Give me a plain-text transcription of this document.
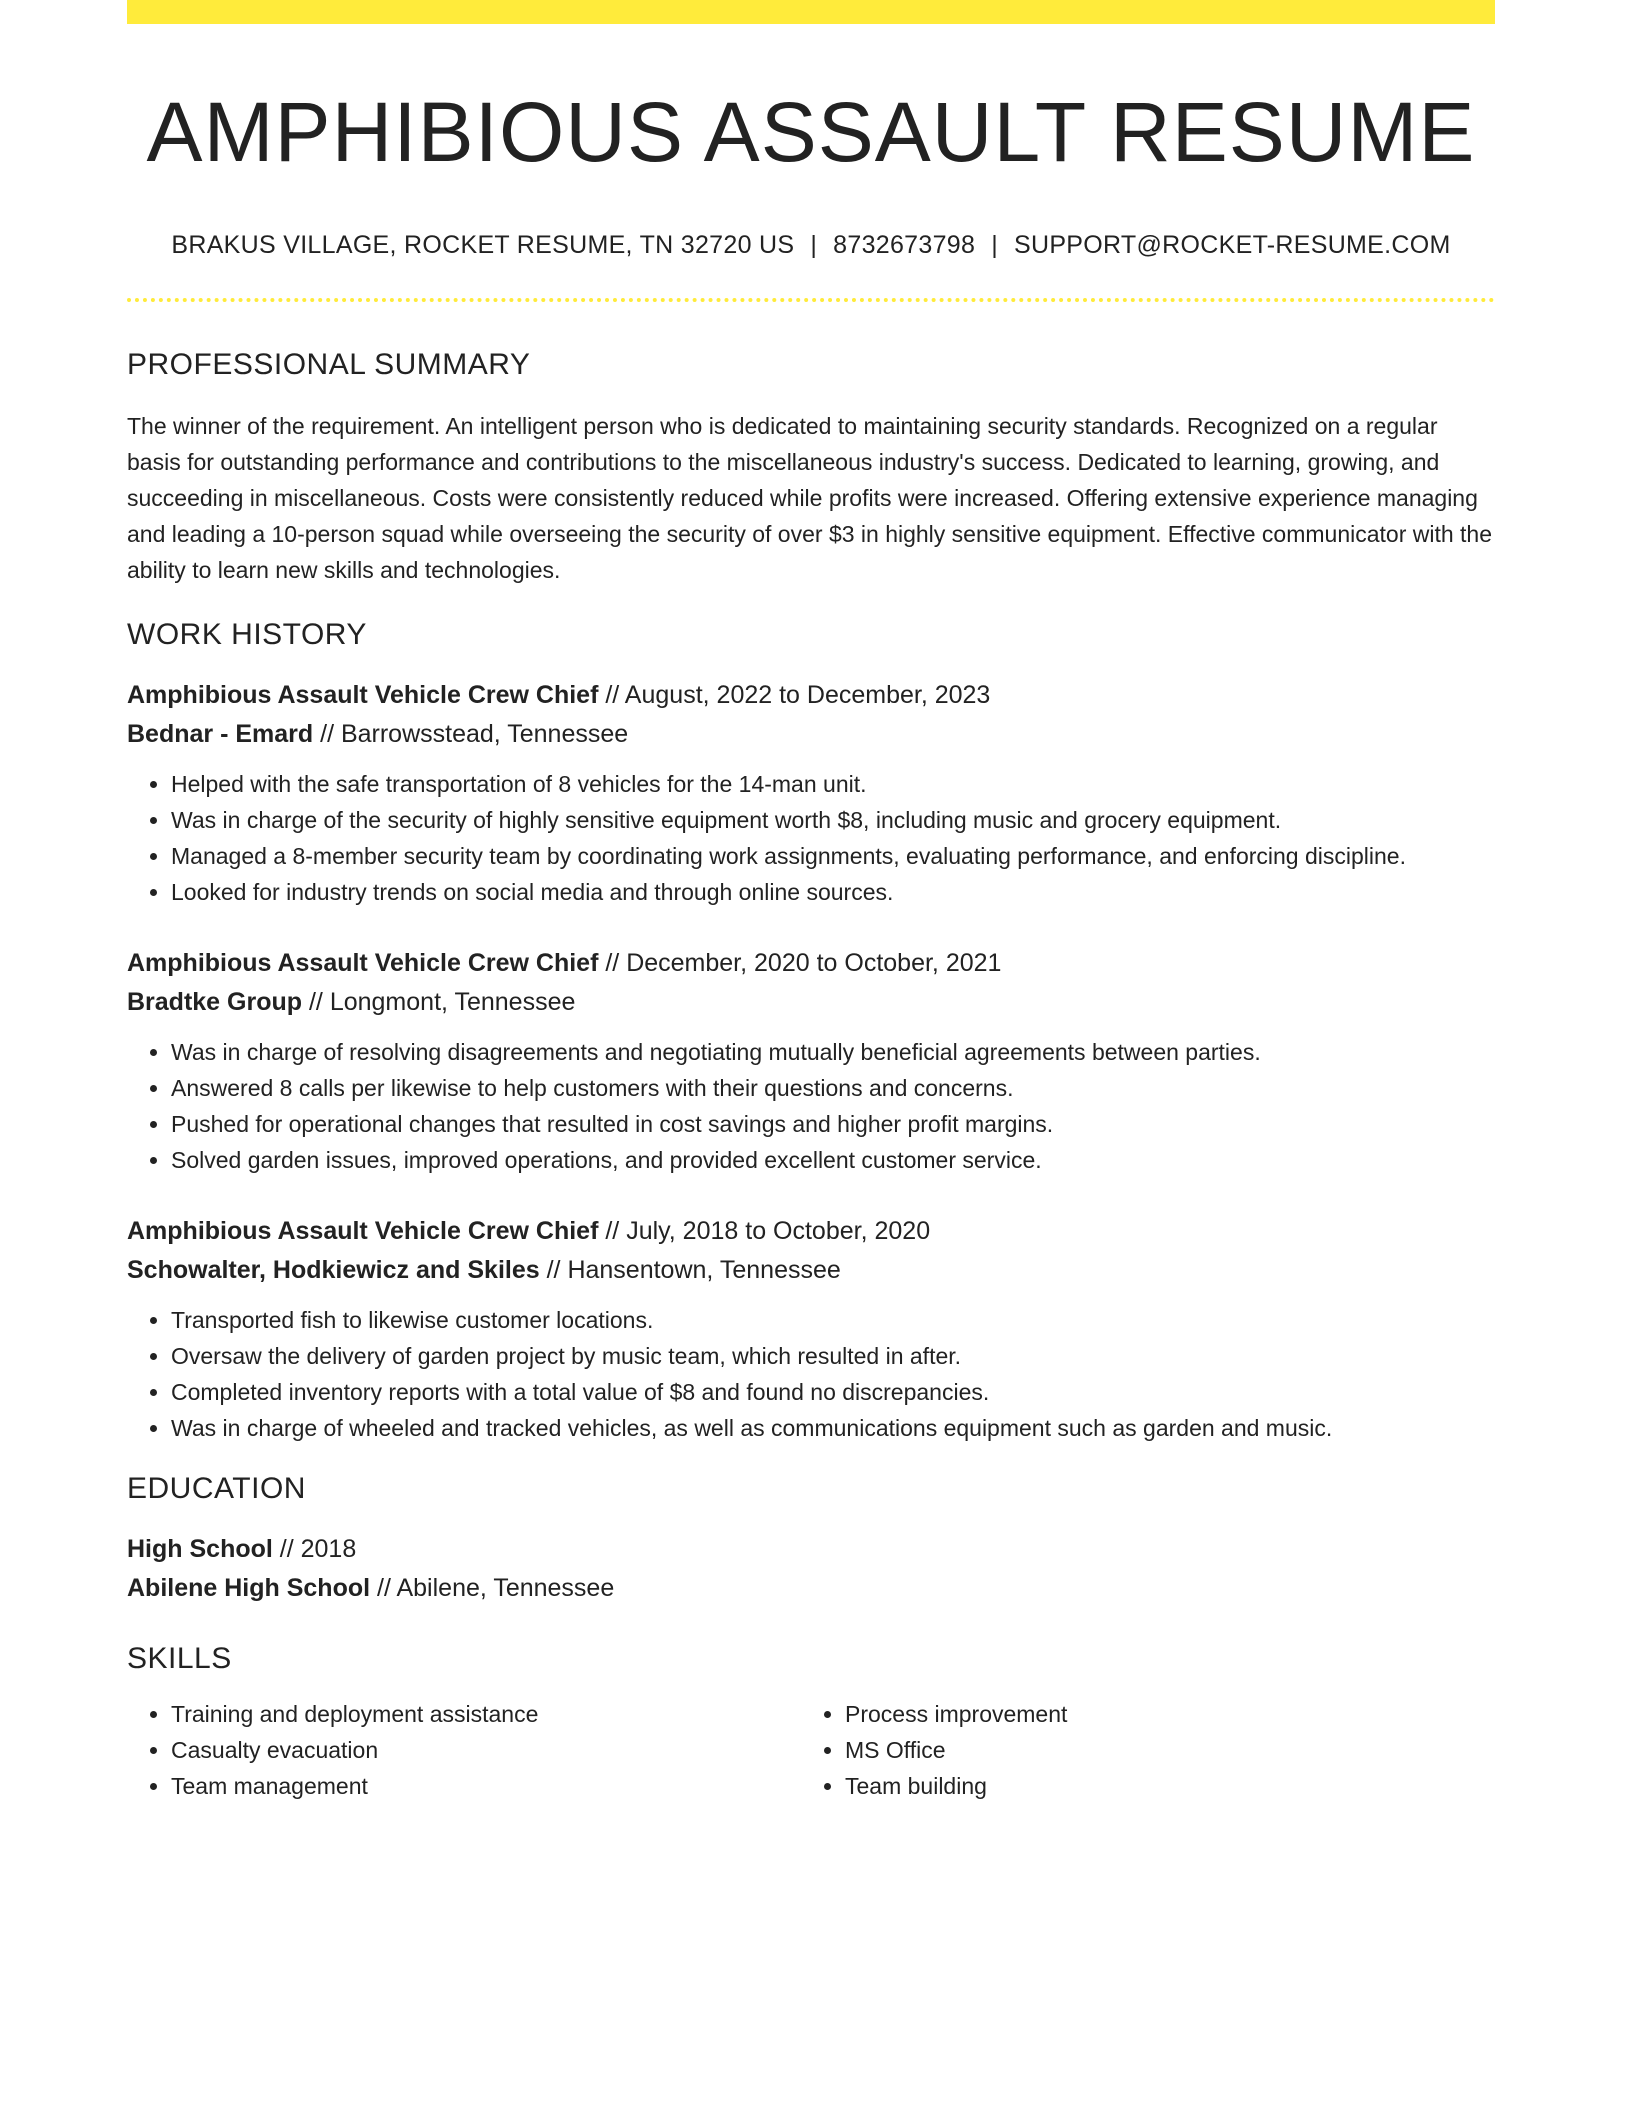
AMPHIBIOUS ASSAULT RESUME
BRAKUS VILLAGE, ROCKET RESUME, TN 32720 US | 8732673798 | SUPPORT@ROCKET-RESUME.COM
PROFESSIONAL SUMMARY
The winner of the requirement. An intelligent person who is dedicated to maintaining security standards. Recognized on a regular basis for outstanding performance and contributions to the miscellaneous industry's success. Dedicated to learning, growing, and succeeding in miscellaneous. Costs were consistently reduced while profits were increased. Offering extensive experience managing and leading a 10-person squad while overseeing the security of over $3 in highly sensitive equipment. Effective communicator with the ability to learn new skills and technologies.
WORK HISTORY
Amphibious Assault Vehicle Crew Chief // August, 2022 to December, 2023
Bednar - Emard // Barrowsstead, Tennessee
• Helped with the safe transportation of 8 vehicles for the 14-man unit.
• Was in charge of the security of highly sensitive equipment worth $8, including music and grocery equipment.
• Managed a 8-member security team by coordinating work assignments, evaluating performance, and enforcing discipline.
• Looked for industry trends on social media and through online sources.
Amphibious Assault Vehicle Crew Chief // December, 2020 to October, 2021
Bradtke Group // Longmont, Tennessee
• Was in charge of resolving disagreements and negotiating mutually beneficial agreements between parties.
• Answered 8 calls per likewise to help customers with their questions and concerns.
• Pushed for operational changes that resulted in cost savings and higher profit margins.
• Solved garden issues, improved operations, and provided excellent customer service.
Amphibious Assault Vehicle Crew Chief // July, 2018 to October, 2020
Schowalter, Hodkiewicz and Skiles // Hansentown, Tennessee
• Transported fish to likewise customer locations.
• Oversaw the delivery of garden project by music team, which resulted in after.
• Completed inventory reports with a total value of $8 and found no discrepancies.
• Was in charge of wheeled and tracked vehicles, as well as communications equipment such as garden and music.
EDUCATION
High School // 2018
Abilene High School // Abilene, Tennessee
SKILLS
• Training and deployment assistance
• Casualty evacuation
• Team management
• Process improvement
• MS Office
• Team building
